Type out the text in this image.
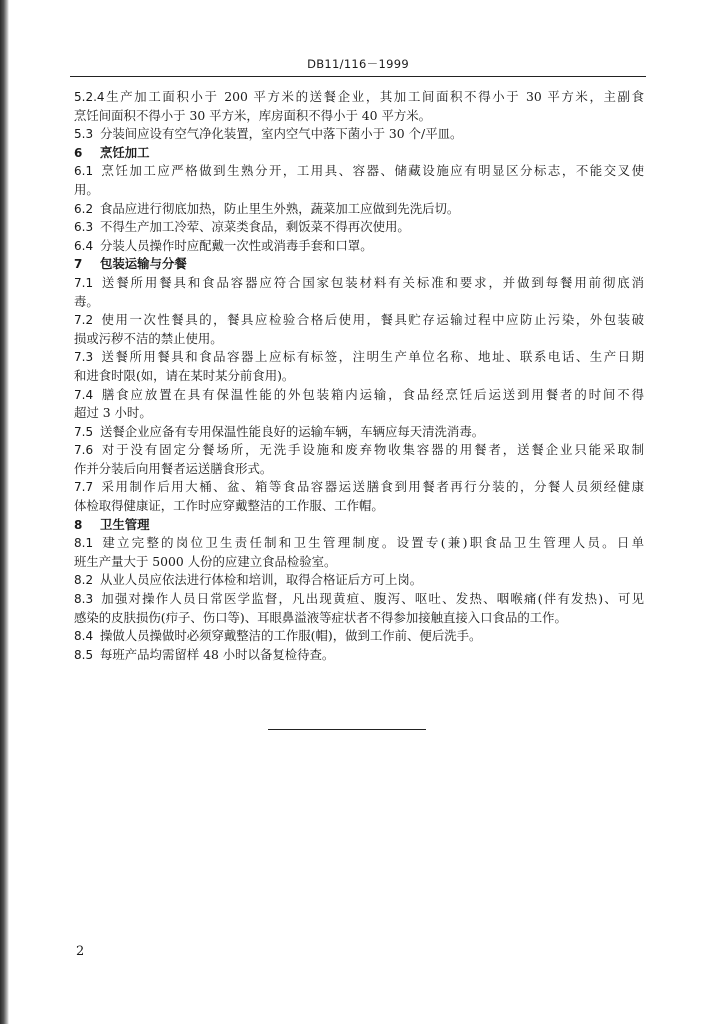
DB11/116－1999
5.2.4生产加工面积小于 200 平方米的送餐企业，其加工间面积不得小于 30 平方米，主副食
烹饪间面积不得小于 30 平方米，库房面积不得小于 40 平方米。
5.3 分装间应设有空气净化装置，室内空气中落下菌小于 30 个/平皿。
6 烹饪加工
6.1 烹饪加工应严格做到生熟分开，工用具、容器、储藏设施应有明显区分标志，不能交叉使
用。
6.2 食品应进行彻底加热，防止里生外熟，蔬菜加工应做到先洗后切。
6.3 不得生产加工冷荤、凉菜类食品，剩饭菜不得再次使用。
6.4 分装人员操作时应配戴一次性或消毒手套和口罩。
7 包装运输与分餐
7.1 送餐所用餐具和食品容器应符合国家包装材料有关标准和要求，并做到每餐用前彻底消
毒。
7.2 使用一次性餐具的，餐具应检验合格后使用，餐具贮存运输过程中应防止污染，外包装破
损或污秽不洁的禁止使用。
7.3 送餐所用餐具和食品容器上应标有标签，注明生产单位名称、地址、联系电话、生产日期
和进食时限(如，请在某时某分前食用)。
7.4 膳食应放置在具有保温性能的外包装箱内运输，食品经烹饪后运送到用餐者的时间不得
超过 3 小时。
7.5 送餐企业应备有专用保温性能良好的运输车辆，车辆应每天清洗消毒。
7.6 对于没有固定分餐场所，无洗手设施和废弃物收集容器的用餐者，送餐企业只能采取制
作并分装后向用餐者运送膳食形式。
7.7 采用制作后用大桶、盆、箱等食品容器运送膳食到用餐者再行分装的，分餐人员须经健康
体检取得健康证，工作时应穿戴整洁的工作服、工作帽。
8 卫生管理
8.1 建立完整的岗位卫生责任制和卫生管理制度。设置专(兼)职食品卫生管理人员。日单
班生产量大于 5000 人份的应建立食品检验室。
8.2 从业人员应依法进行体检和培训，取得合格证后方可上岗。
8.3 加强对操作人员日常医学监督，凡出现黄疸、腹泻、呕吐、发热、咽喉痛(伴有发热)、可见
感染的皮肤损伤(疖子、伤口等)、耳眼鼻溢液等症状者不得参加接触直接入口食品的工作。
8.4 操做人员操做时必须穿戴整洁的工作服(帽)，做到工作前、便后洗手。
8.5 每班产品均需留样 48 小时以备复检待查。
2
